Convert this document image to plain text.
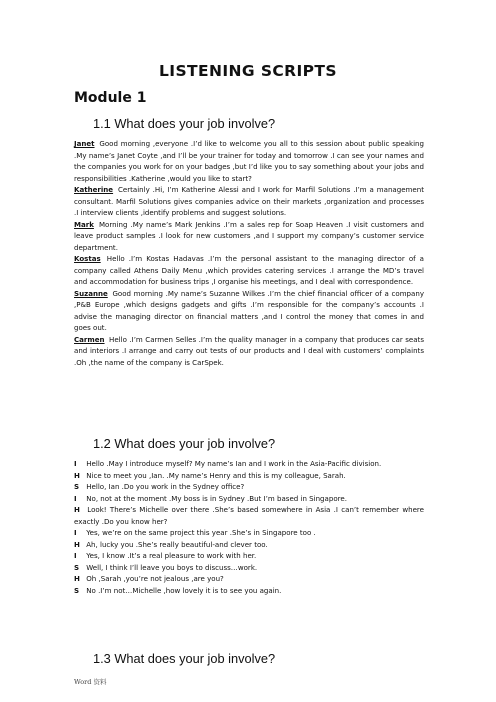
LISTENING SCRIPTS
Module 1
1.1 What does your job involve?

Janet Good morning ,everyone .I’d like to welcome you all to this session about public speaking .My name’s Janet Coyte ,and I’ll be your trainer for today and tomorrow .I can see your names and the companies you work for on your badges ,but I’d like you to say something about your jobs and responsibilities .Katherine ,would you like to start?

Katherine Certainly .Hi, I’m Katherine Alessi and I work for Marfil Solutions .I’m a management consultant. Marfil Solutions gives companies advice on their markets ,organization and processes .I interview clients ,identify problems and suggest solutions.

Mark Morning .My name’s Mark Jenkins .I’m a sales rep for Soap Heaven .I visit customers and leave product samples .I look for new customers ,and I support my company’s customer service department.

Kostas Hello .I’m Kostas Hadavas .I’m the personal assistant to the managing director of a company called Athens Daily Menu ,which provides catering services .I arrange the MD’s travel and accommodation for business trips ,I organise his meetings, and I deal with correspondence.

Suzanne Good morning .My name’s Suzanne Wilkes .I’m the chief financial officer of a company ,P&B Europe ,which designs gadgets and gifts .I’m responsible for the company’s accounts .I advise the managing director on financial matters ,and I control the money that comes in and goes out.

Carmen Hello .I’m Carmen Selles .I’m the quality manager in a company that produces car seats and interiors .I arrange and carry out tests of our products and I deal with customers’ complaints .Oh ,the name of the company is CarSpek.

1.2 What does your job involve?

I Hello .May I introduce myself? My name’s Ian and I work in the Asia-Pacific division.

H Nice to meet you ,Ian. .My name’s Henry and this is my colleague, Sarah.

S Hello, Ian .Do you work in the Sydney office?

I No, not at the moment .My boss is in Sydney .But I’m based in Singapore.

H Look! There’s Michelle over there .She’s based somewhere in Asia .I can’t remember where exactly .Do you know her?

I Yes, we’re on the same project this year .She’s in Singapore too .

H Ah, lucky you .She’s really beautiful-and clever too.

I Yes, I know .It’s a real pleasure to work with her.

S Well, I think I’ll leave you boys to discuss…work.

H Oh ,Sarah ,you’re not jealous ,are you?

S No .I’m not…Michelle ,how lovely it is to see you again.

1.3 What does your job involve?
Word 资料
